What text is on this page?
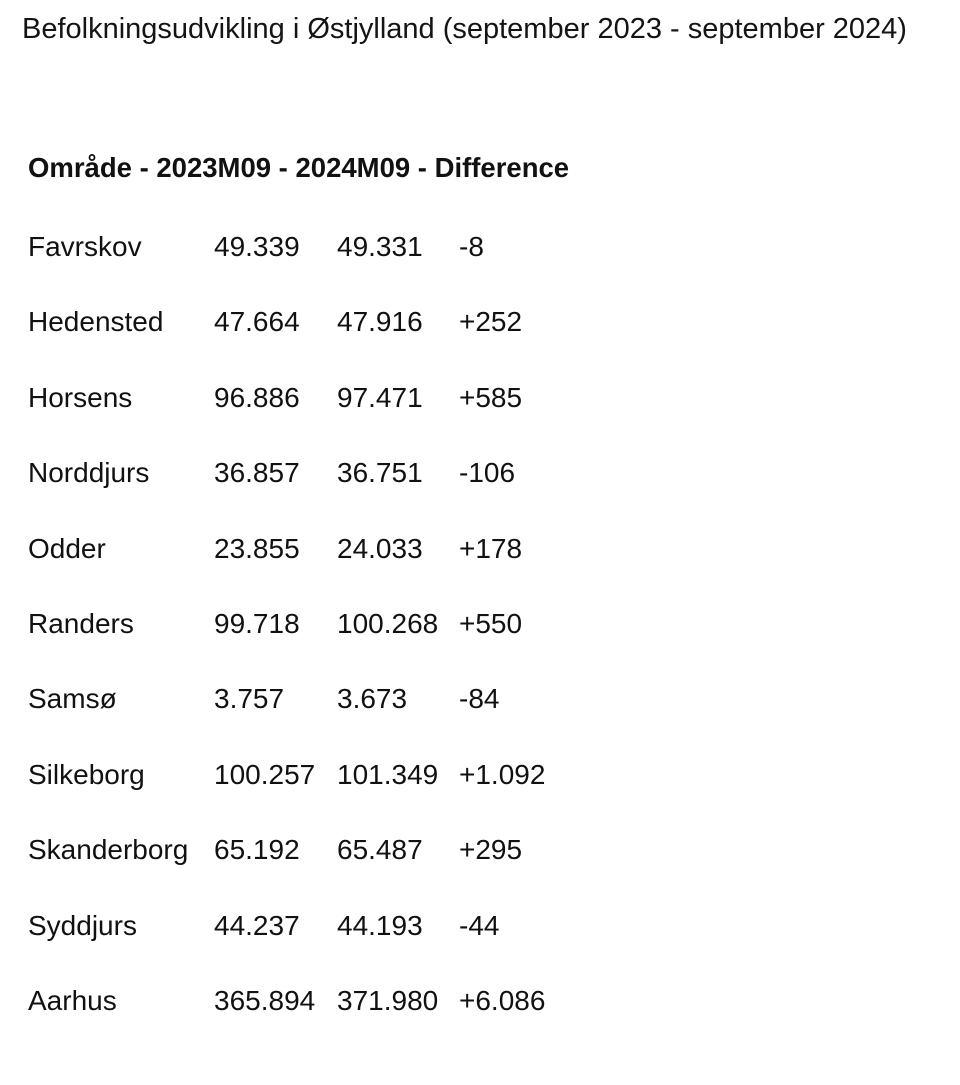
Befolkningsudvikling i Østjylland (september 2023 - september 2024)
Område - 2023M09 - 2024M09 - Difference
Favrskov	49.339	49.331	-8
Hedensted	47.664	47.916	+252
Horsens	96.886	97.471	+585
Norddjurs	36.857	36.751	-106
Odder	23.855	24.033	+178
Randers	99.718	100.268	+550
Samsø	3.757	3.673	-84
Silkeborg	100.257	101.349	+1.092
Skanderborg	65.192	65.487	+295
Syddjurs	44.237	44.193	-44
Aarhus	365.894	371.980	+6.086
